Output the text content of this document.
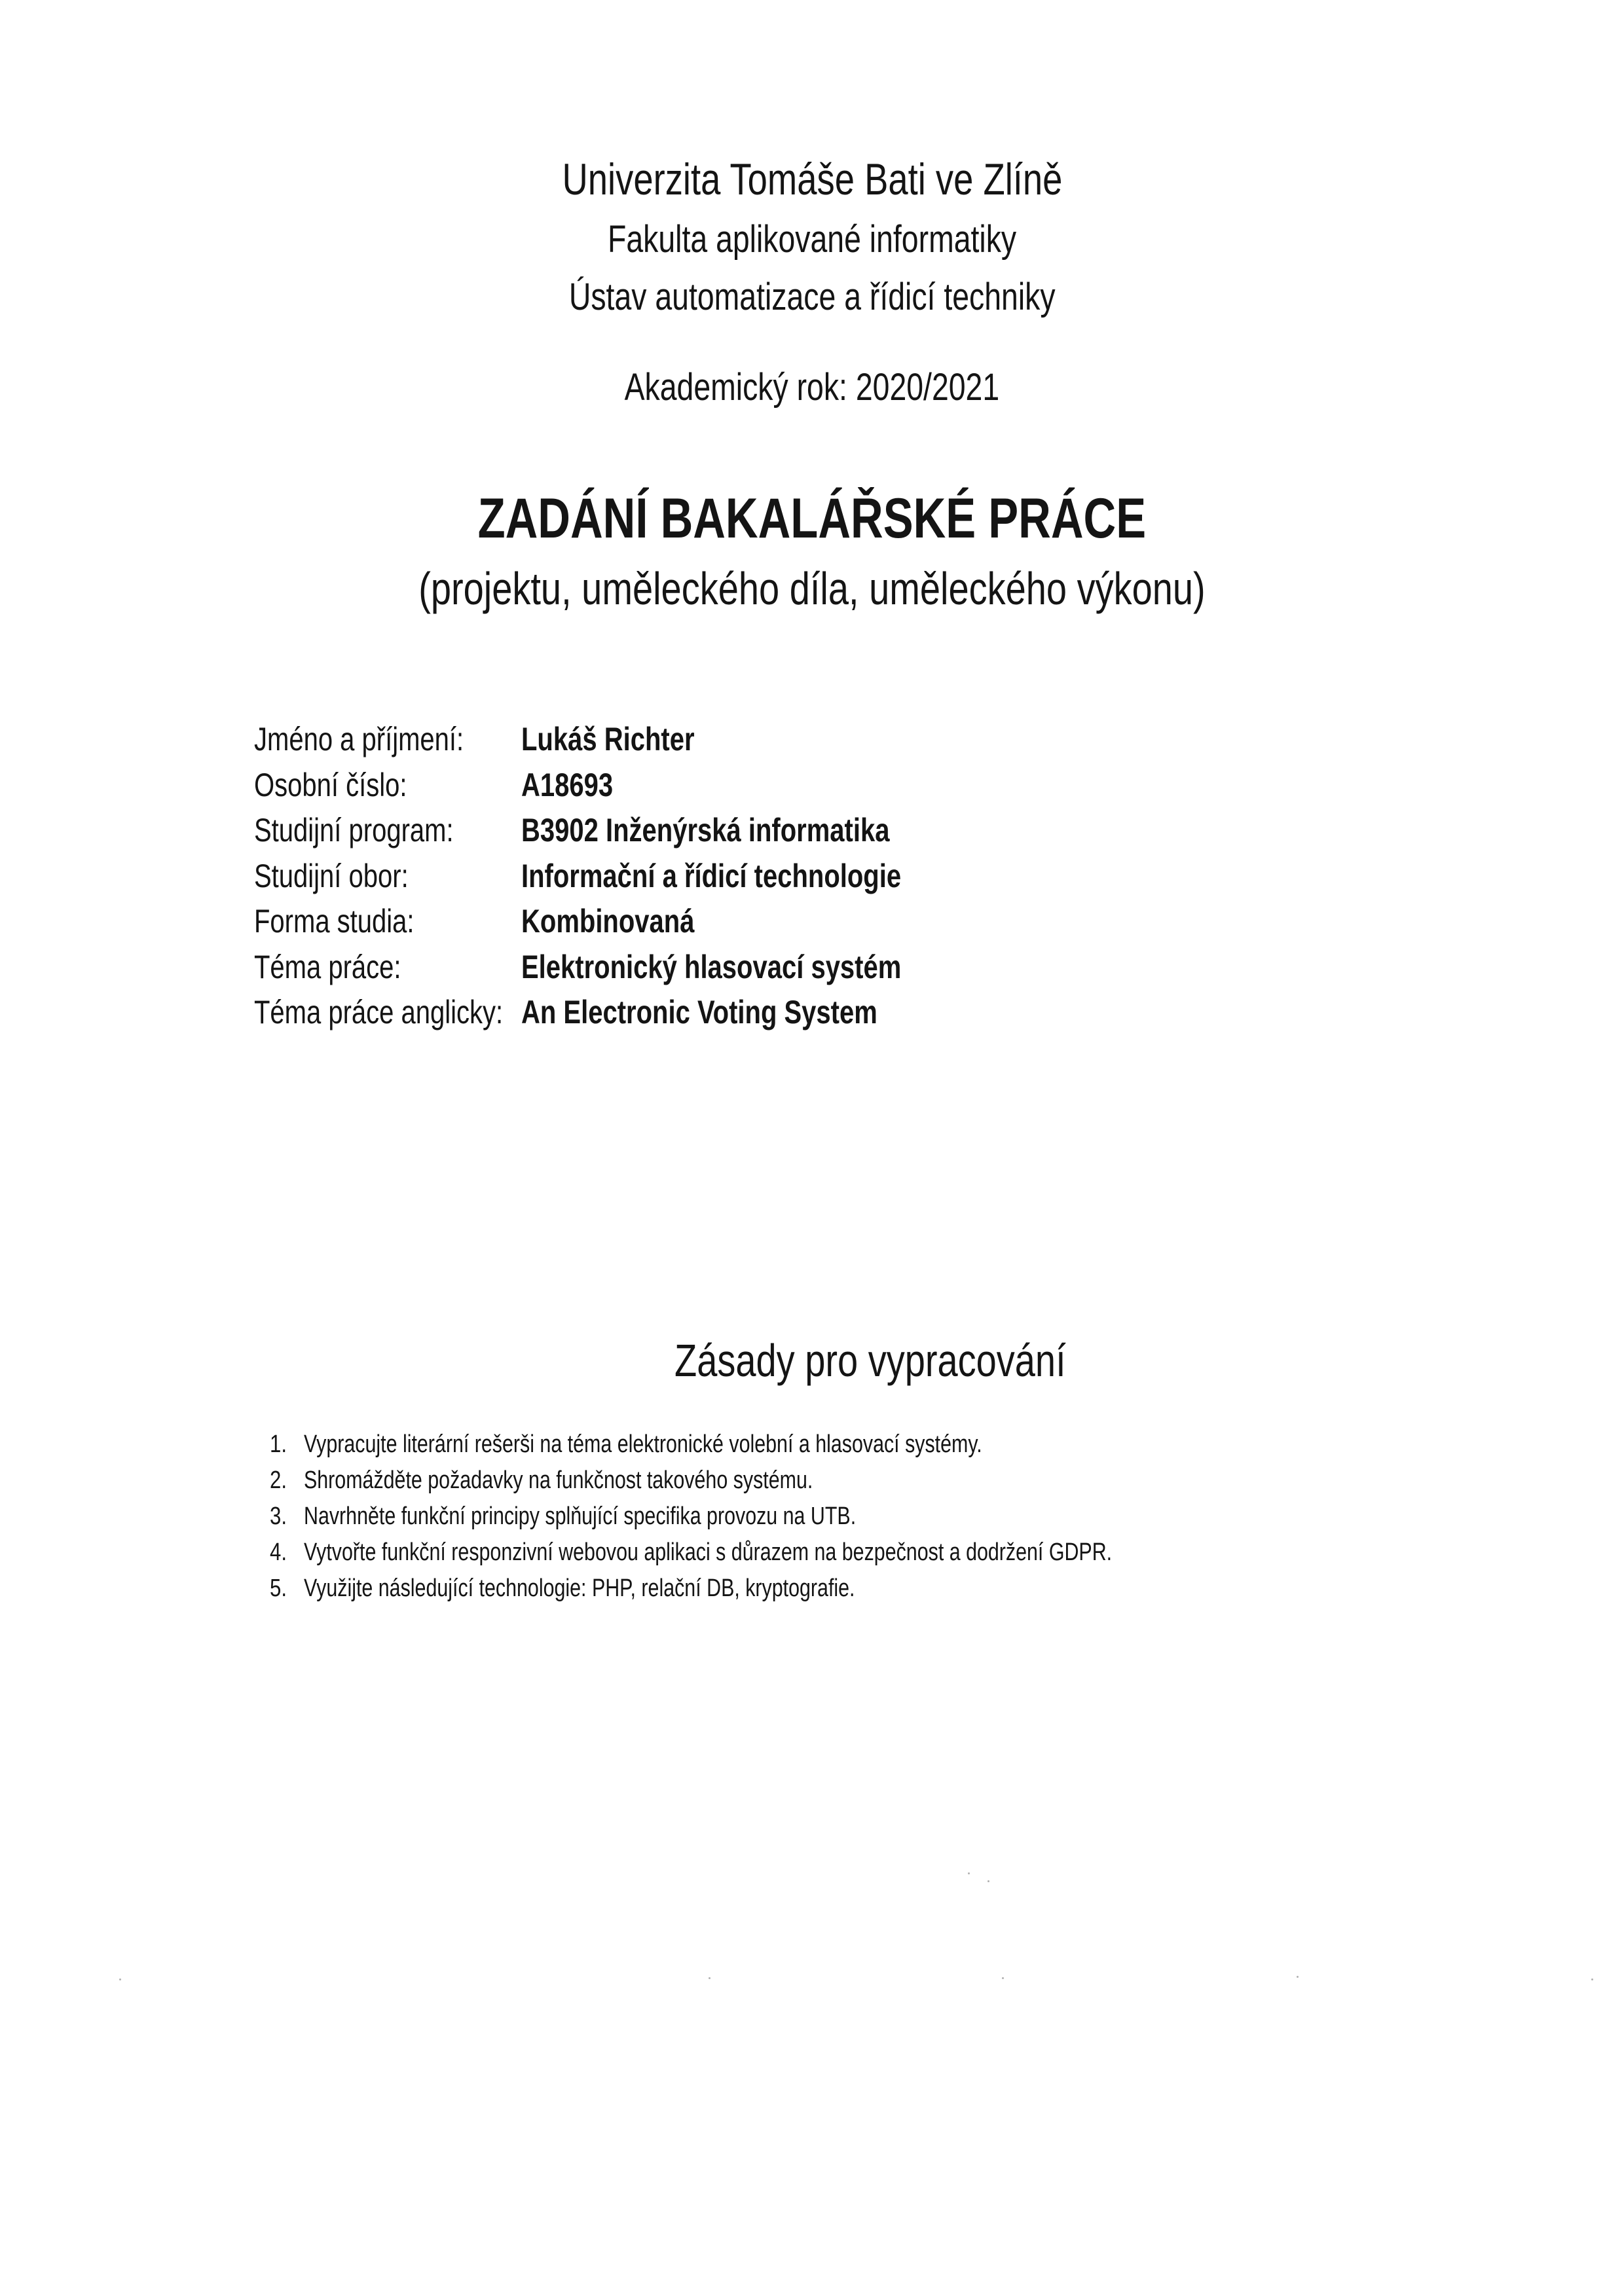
Univerzita Tomáše Bati ve Zlíně
Fakulta aplikované informatiky
Ústav automatizace a řídicí techniky
Akademický rok: 2020/2021
ZADÁNÍ BAKALÁŘSKÉ PRÁCE
(projektu, uměleckého díla, uměleckého výkonu)
Jméno a příjmení: Lukáš Richter
Osobní číslo:	A18693
Studijní program: B3902 Inženýrská informatika
Studijní obor:	Informační a řídicí technologie
Forma studia:	Kombinovaná
Téma práce:	Elektronický hlasovací systém
Téma práce anglicky: An Electronic Voting System
Zásady pro vypracování
1. Vypracujte literární rešerši na téma elektronické volební a hlasovací systémy.
2. Shromážděte požadavky na funkčnost takového systému.
3. Navrhněte funkční principy splňující specifika provozu na UTB.
4. Vytvořte funkční responzivní webovou aplikaci s důrazem na bezpečnost a dodržení GDPR.
5. Využijte následující technologie: PHP, relační DB, kryptografie.
